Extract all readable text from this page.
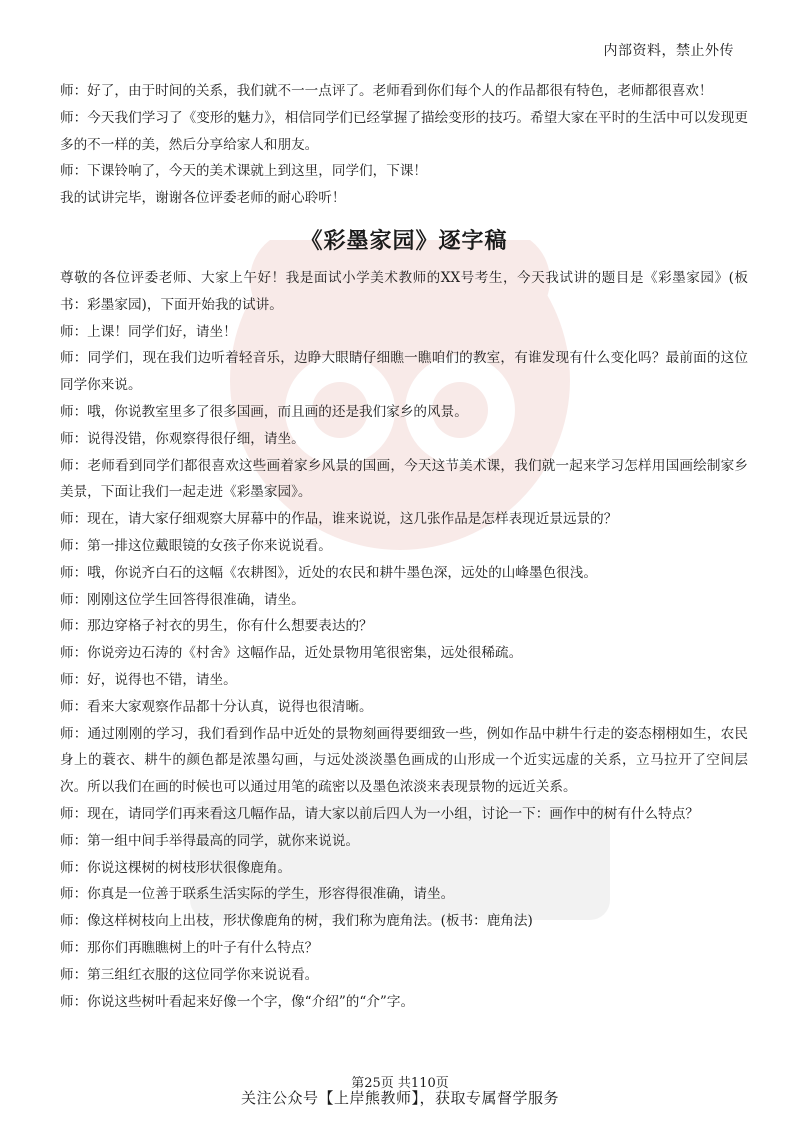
内部资料，禁止外传

师：好了，由于时间的关系，我们就不一一点评了。老师看到你们每个人的作品都很有特色，老师都很喜欢！

师：今天我们学习了《变形的魅力》，相信同学们已经掌握了描绘变形的技巧。希望大家在平时的生活中可以发现更多的不一样的美，然后分享给家人和朋友。

师：下课铃响了，今天的美术课就上到这里，同学们，下课！

我的试讲完毕，谢谢各位评委老师的耐心聆听！

《彩墨家园》逐字稿

尊敬的各位评委老师、大家上午好！我是面试小学美术教师的XX号考生，今天我试讲的题目是《彩墨家园》(板书：彩墨家园)，下面开始我的试讲。

师：上课！同学们好，请坐！

师：同学们，现在我们边听着轻音乐，边睁大眼睛仔细瞧一瞧咱们的教室，有谁发现有什么变化吗？最前面的这位同学你来说。

师：哦，你说教室里多了很多国画，而且画的还是我们家乡的风景。

师：说得没错，你观察得很仔细，请坐。

师：老师看到同学们都很喜欢这些画着家乡风景的国画，今天这节美术课，我们就一起来学习怎样用国画绘制家乡美景，下面让我们一起走进《彩墨家园》。

师：现在，请大家仔细观察大屏幕中的作品，谁来说说，这几张作品是怎样表现近景远景的？

师：第一排这位戴眼镜的女孩子你来说说看。

师：哦，你说齐白石的这幅《农耕图》，近处的农民和耕牛墨色深，远处的山峰墨色很浅。

师：刚刚这位学生回答得很准确，请坐。

师：那边穿格子衬衣的男生，你有什么想要表达的？

师：你说旁边石涛的《村舍》这幅作品，近处景物用笔很密集，远处很稀疏。

师：好，说得也不错，请坐。

师：看来大家观察作品都十分认真，说得也很清晰。

师：通过刚刚的学习，我们看到作品中近处的景物刻画得要细致一些，例如作品中耕牛行走的姿态栩栩如生，农民身上的蓑衣、耕牛的颜色都是浓墨勾画，与远处淡淡墨色画成的山形成一个近实远虚的关系，立马拉开了空间层次。所以我们在画的时候也可以通过用笔的疏密以及墨色浓淡来表现景物的远近关系。

师：现在，请同学们再来看这几幅作品，请大家以前后四人为一小组，讨论一下：画作中的树有什么特点？

师：第一组中间手举得最高的同学，就你来说说。

师：你说这棵树的树枝形状很像鹿角。

师：你真是一位善于联系生活实际的学生，形容得很准确，请坐。

师：像这样树枝向上出枝，形状像鹿角的树，我们称为鹿角法。(板书：鹿角法)

师：那你们再瞧瞧树上的叶子有什么特点？

师：第三组红衣服的这位同学你来说说看。

师：你说这些树叶看起来好像一个字，像“介绍”的“介”字。

第25页 共110页
关注公众号【上岸熊教师】，获取专属督学服务
